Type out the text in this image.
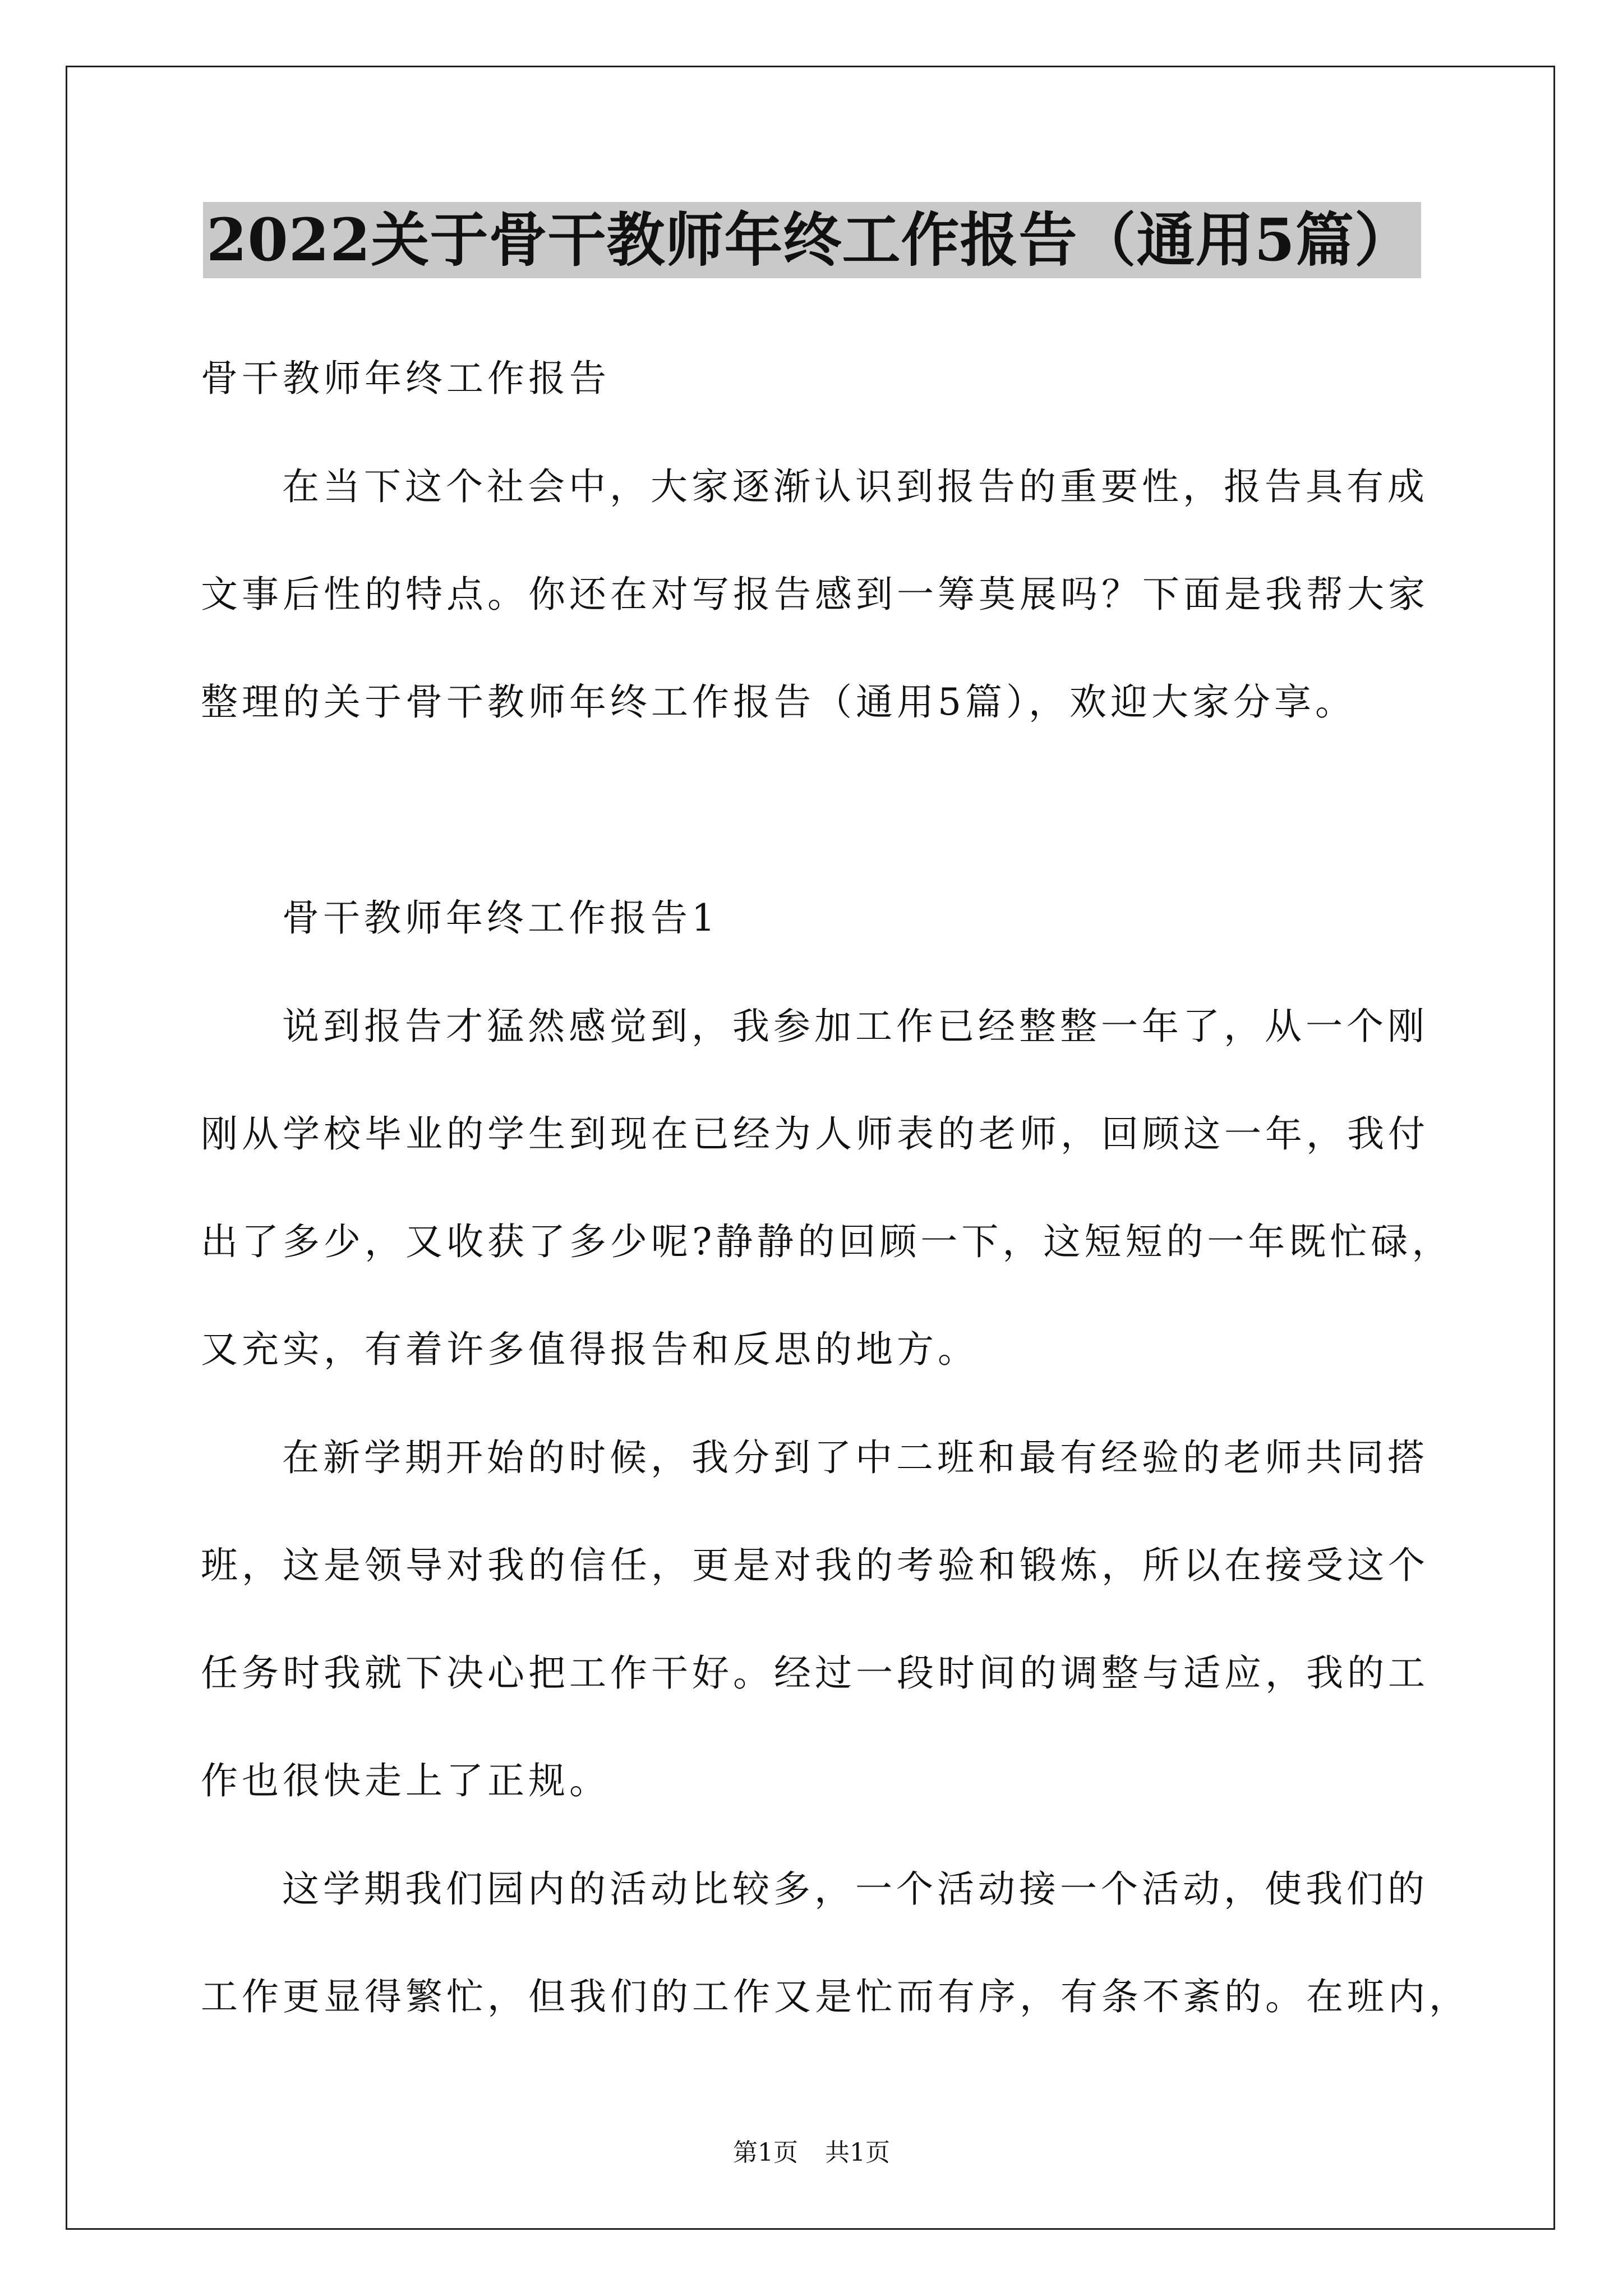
2022关于骨干教师年终工作报告（通用5篇）
骨干教师年终工作报告
在当下这个社会中，大家逐渐认识到报告的重要性，报告具有成
文事后性的特点。你还在对写报告感到一筹莫展吗？下面是我帮大家
整理的关于骨干教师年终工作报告（通用5篇），欢迎大家分享。
骨干教师年终工作报告1
说到报告才猛然感觉到，我参加工作已经整整一年了，从一个刚
刚从学校毕业的学生到现在已经为人师表的老师，回顾这一年，我付
出了多少，又收获了多少呢?静静的回顾一下，这短短的一年既忙碌，
又充实，有着许多值得报告和反思的地方。
在新学期开始的时候，我分到了中二班和最有经验的老师共同搭
班，这是领导对我的信任，更是对我的考验和锻炼，所以在接受这个
任务时我就下决心把工作干好。经过一段时间的调整与适应，我的工
作也很快走上了正规。
这学期我们园内的活动比较多，一个活动接一个活动，使我们的
工作更显得繁忙，但我们的工作又是忙而有序，有条不紊的。在班内，
第1页 共1页
